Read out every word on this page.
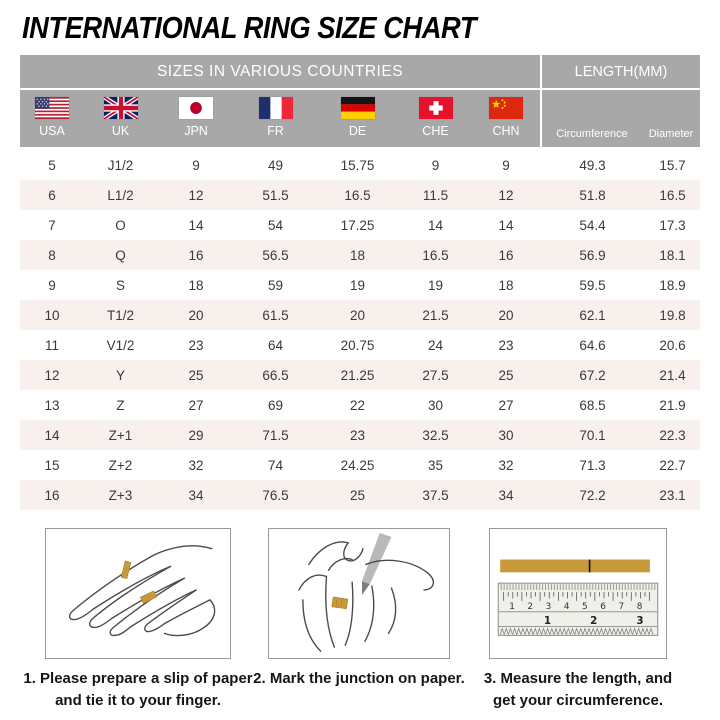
INTERNATIONAL RING SIZE CHART
SIZES IN VARIOUS COUNTRIES	LENGTH(MM)
USA	UK	JPN	FR	DE	CHE	CHN	Circumference	Diameter
5	J1/2	9	49	15.75	9	9	49.3	15.7
6	L1/2	12	51.5	16.5	11.5	12	51.8	16.5
7	O	14	54	17.25	14	14	54.4	17.3
8	Q	16	56.5	18	16.5	16	56.9	18.1
9	S	18	59	19	19	18	59.5	18.9
10	T1/2	20	61.5	20	21.5	20	62.1	19.8
11	V1/2	23	64	20.75	24	23	64.6	20.6
12	Y	25	66.5	21.25	27.5	25	67.2	21.4
13	Z	27	69	22	30	27	68.5	21.9
14	Z+1	29	71.5	23	32.5	30	70.1	22.3
15	Z+2	32	74	24.25	35	32	71.3	22.7
16	Z+3	34	76.5	25	37.5	34	72.2	23.1
1. Please prepare a slip of paper
and tie it to your finger.
2. Mark the junction on paper.
1 2 3 4 5 6 7 8
1	2	3
3. Measure the length, and
get your circumference.
